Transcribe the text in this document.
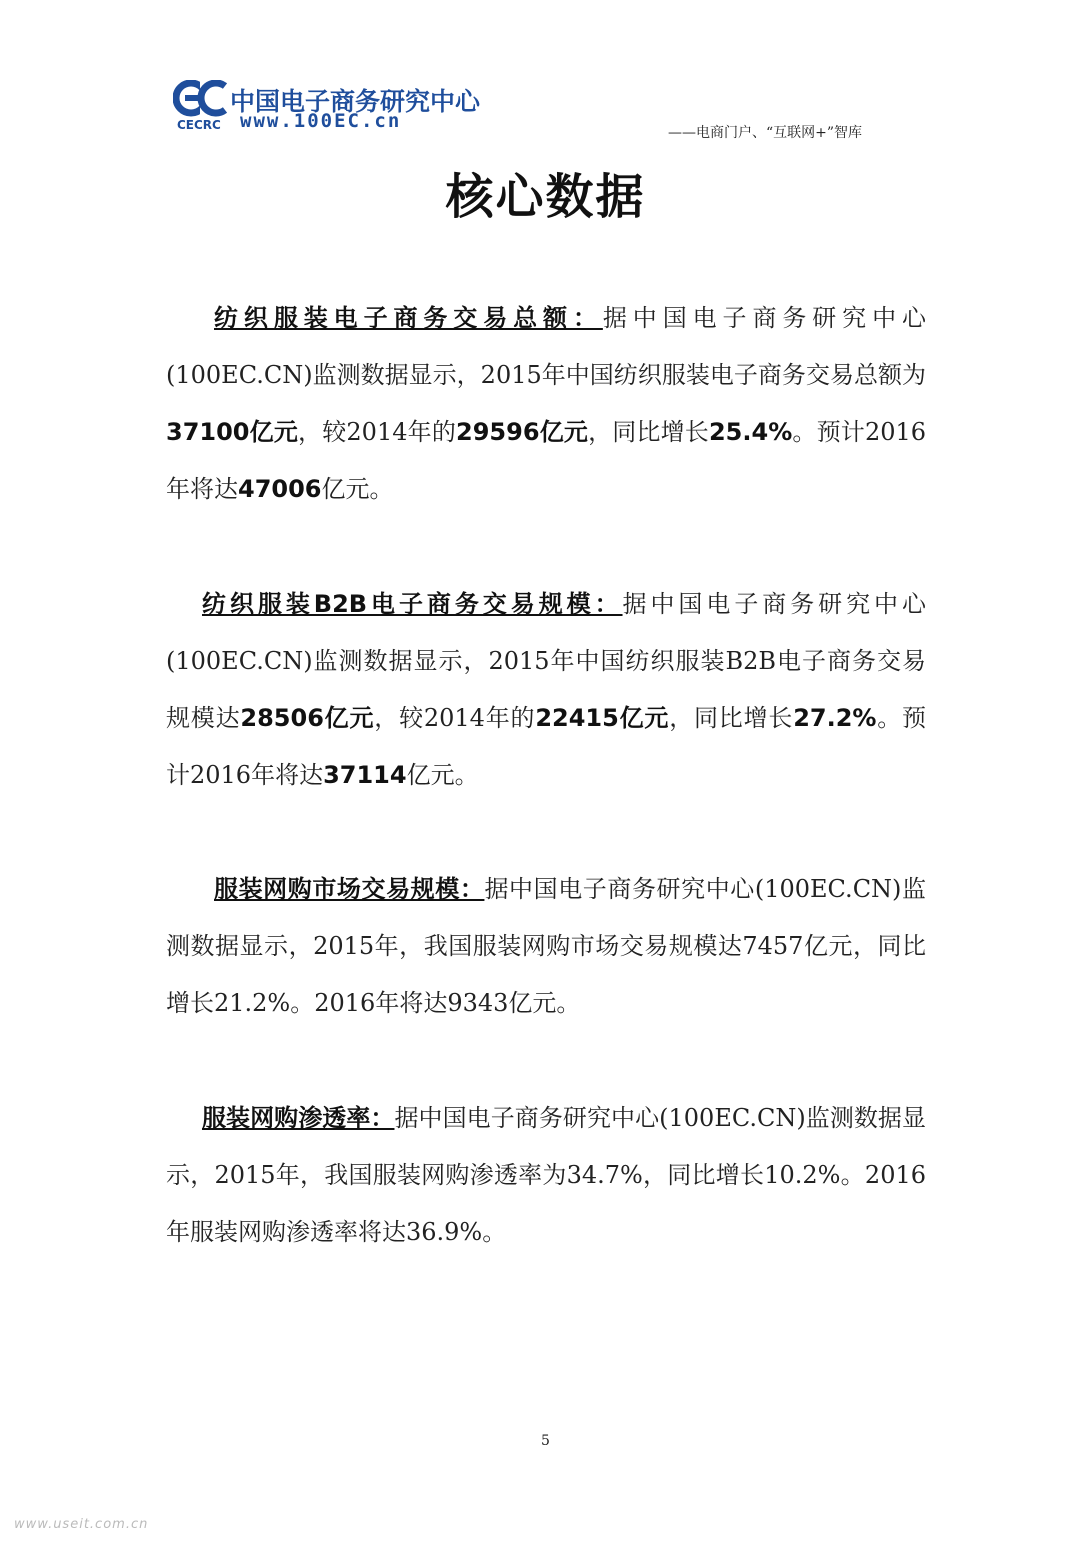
中国电子商务研究中心
CECRC www.100EC.cn
——电商门户、“互联网+”智库
核心数据

纺织服装电子商务交易总额：据中国电子商务研究中心(100EC.CN)监测数据显示，2015年中国纺织服装电子商务交易总额为37100亿元，较2014年的29596亿元，同比增长25.4%。预计2016年将达47006亿元。

纺织服装B2B电子商务交易规模：据中国电子商务研究中心(100EC.CN)监测数据显示，2015年中国纺织服装B2B电子商务交易规模达28506亿元，较2014年的22415亿元，同比增长27.2%。预计2016年将达37114亿元。

服装网购市场交易规模：据中国电子商务研究中心(100EC.CN)监测数据显示，2015年，我国服装网购市场交易规模达7457亿元，同比增长21.2%。2016年将达9343亿元。

服装网购渗透率：据中国电子商务研究中心(100EC.CN)监测数据显示，2015年，我国服装网购渗透率为34.7%，同比增长10.2%。2016年服装网购渗透率将达36.9%。

5
www.useit.com.cn
